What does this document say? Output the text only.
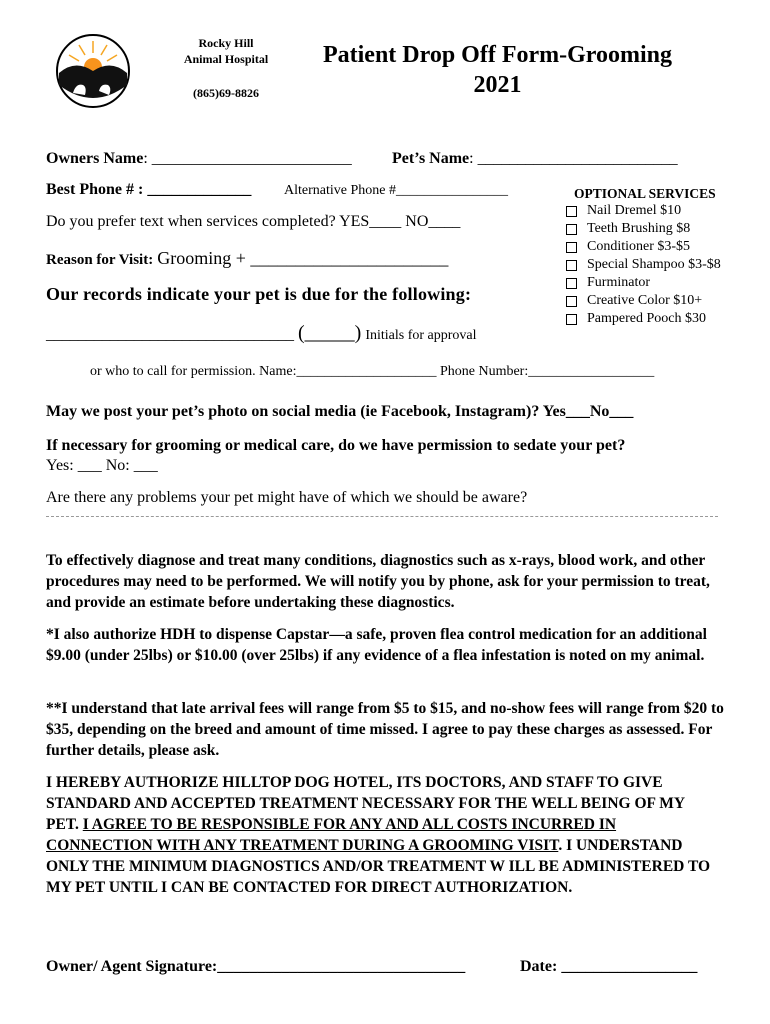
Rocky Hill
Animal Hospital
(865)69-8826
Patient Drop Off Form-Grooming
2021
Owners Name: _________________________	Pet’s Name: _________________________
Best Phone # : _____________ Alternative Phone #________________
Do you prefer text when services completed? YES____ NO____
Reason for Visit: Grooming + ______________________
Our records indicate your pet is due for the following:
_______________________________ (_____) Initials for approval
or who to call for permission. Name:____________________ Phone Number:__________________
OPTIONAL SERVICES
Nail Dremel $10
Teeth Brushing $8
Conditioner $3-$5
Special Shampoo $3-$8
Furminator
Creative Color $10+
Pampered Pooch $30
May we post your pet’s photo on social media (ie Facebook, Instagram)? Yes___No___
If necessary for grooming or medical care, do we have permission to sedate your pet?
Yes: ___ No: ___
Are there any problems your pet might have of which we should be aware?
To effectively diagnose and treat many conditions, diagnostics such as x-rays, blood work, and other procedures may need to be performed. We will notify you by phone, ask for your permission to treat, and provide an estimate before undertaking these diagnostics.
*I also authorize HDH to dispense Capstar—a safe, proven flea control medication for an additional $9.00 (under 25lbs) or $10.00 (over 25lbs) if any evidence of a flea infestation is noted on my animal.
**I understand that late arrival fees will range from $5 to $15, and no-show fees will range from $20 to $35, depending on the breed and amount of time missed. I agree to pay these charges as assessed. For further details, please ask.
I HEREBY AUTHORIZE HILLTOP DOG HOTEL, ITS DOCTORS, AND STAFF TO GIVE STANDARD AND ACCEPTED TREATMENT NECESSARY FOR THE WELL BEING OF MY PET. I AGREE TO BE RESPONSIBLE FOR ANY AND ALL COSTS INCURRED IN CONNECTION WITH ANY TREATMENT DURING A GROOMING VISIT. I UNDERSTAND ONLY THE MINIMUM DIAGNOSTICS AND/OR TREATMENT W ILL BE ADMINISTERED TO MY PET UNTIL I CAN BE CONTACTED FOR DIRECT AUTHORIZATION.
Owner/ Agent Signature:_______________________________	Date: _________________
